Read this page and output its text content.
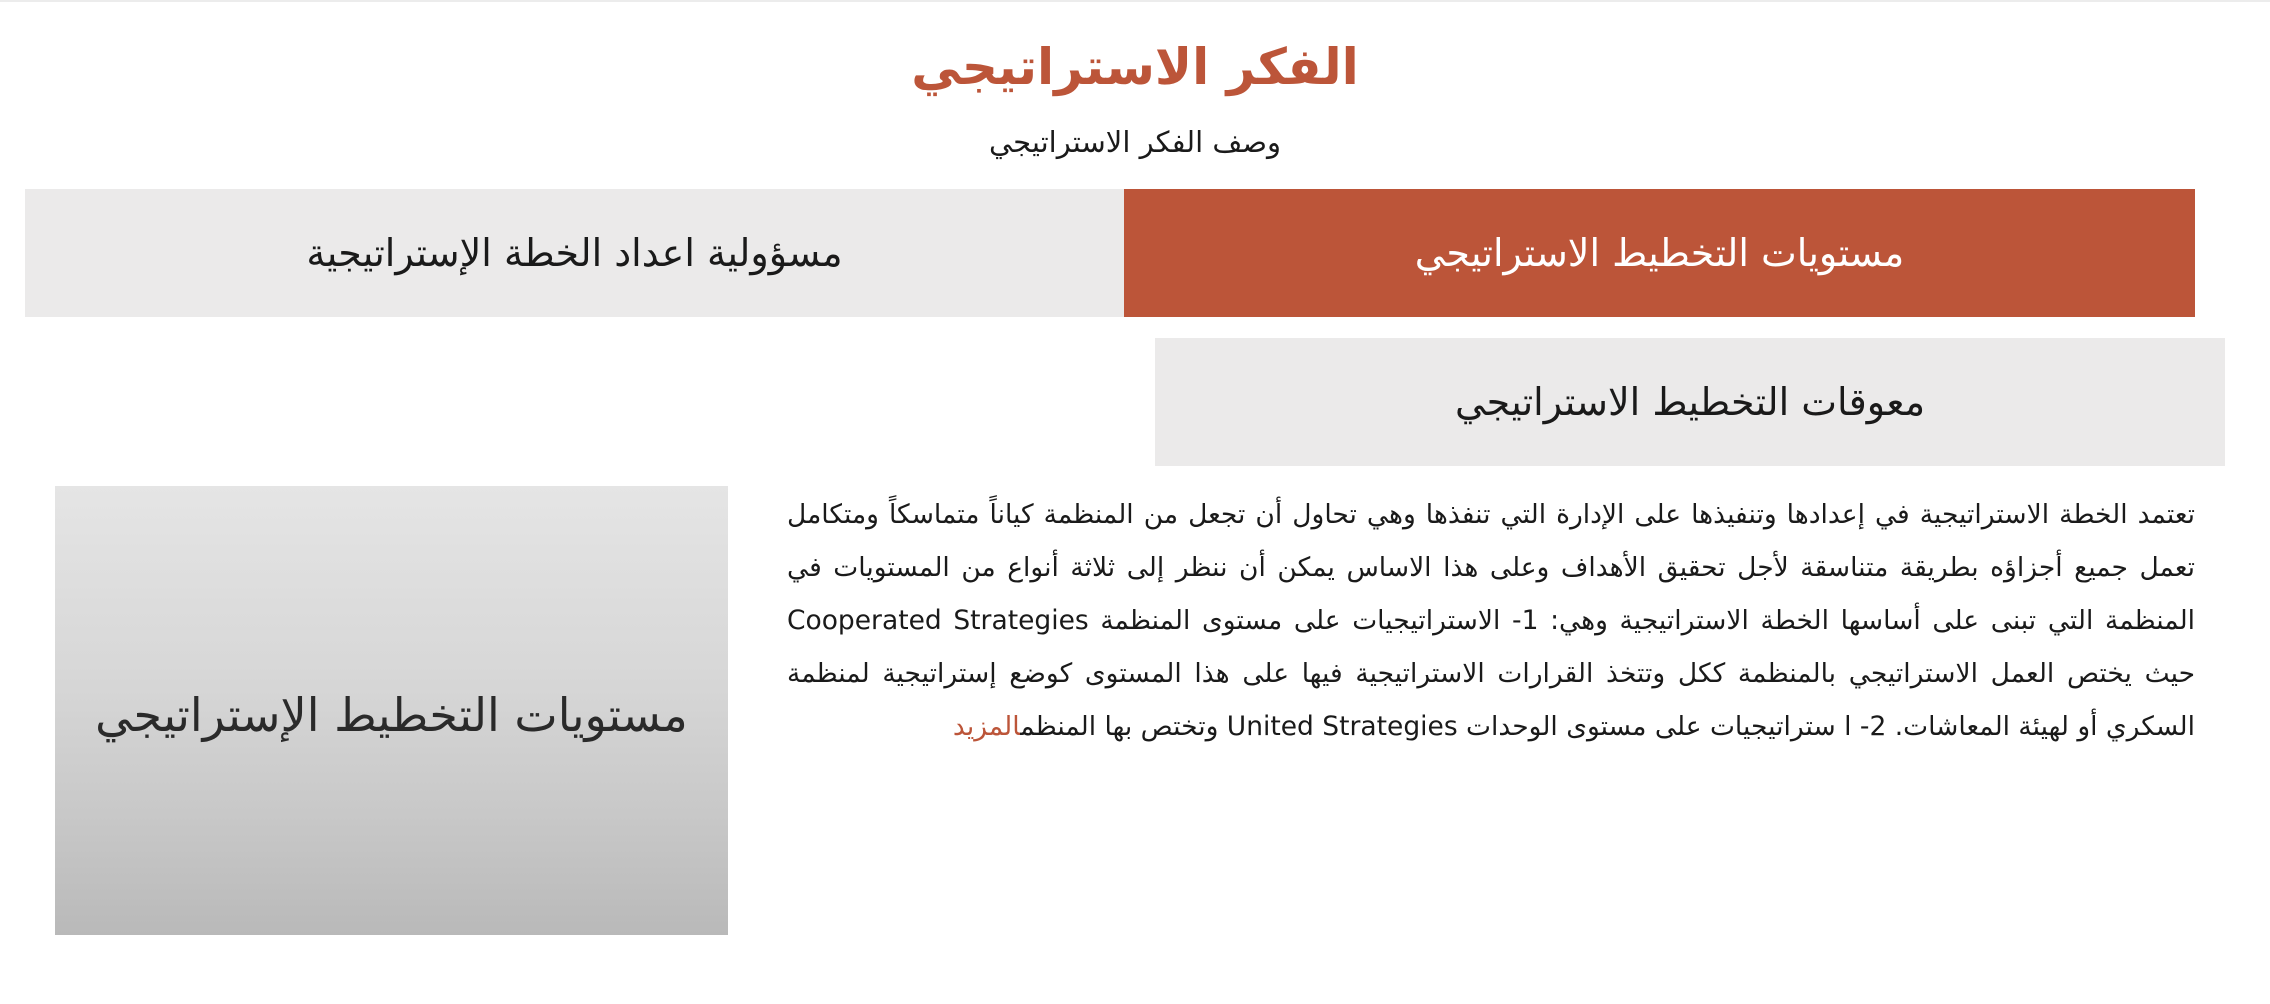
الفكر الاستراتيجي
وصف الفكر الاستراتيجي
مستويات التخطيط الاستراتيجي
مسؤولية اعداد الخطة الإستراتيجية
معوقات التخطيط الاستراتيجي
مستويات التخطيط الإستراتيجي
تعتمد الخطة الاستراتيجية في إعدادها وتنفيذها على الإدارة التي تنفذها وهي تحاول أن تجعل من المنظمة كياناً متماسكاً ومتكامل تعمل جميع أجزاؤه بطريقة متناسقة لأجل تحقيق الأهداف وعلى هذا الاساس يمكن أن ننظر إلى ثلاثة أنواع من المستويات في المنظمة التي تبنى على أساسها الخطة الاستراتيجية وهي: 1- الاستراتيجيات على مستوى المنظمة Cooperated Strategies حيث يختص العمل الاستراتيجي بالمنظمة ككل وتتخذ القرارات الاستراتيجية فيها على هذا المستوى كوضع إستراتيجية لمنظمة السكري أو لهيئة المعاشات. 2- ا ستراتيجيات على مستوى الوحدات United Strategies وتختص بها المنظمالمزيد
